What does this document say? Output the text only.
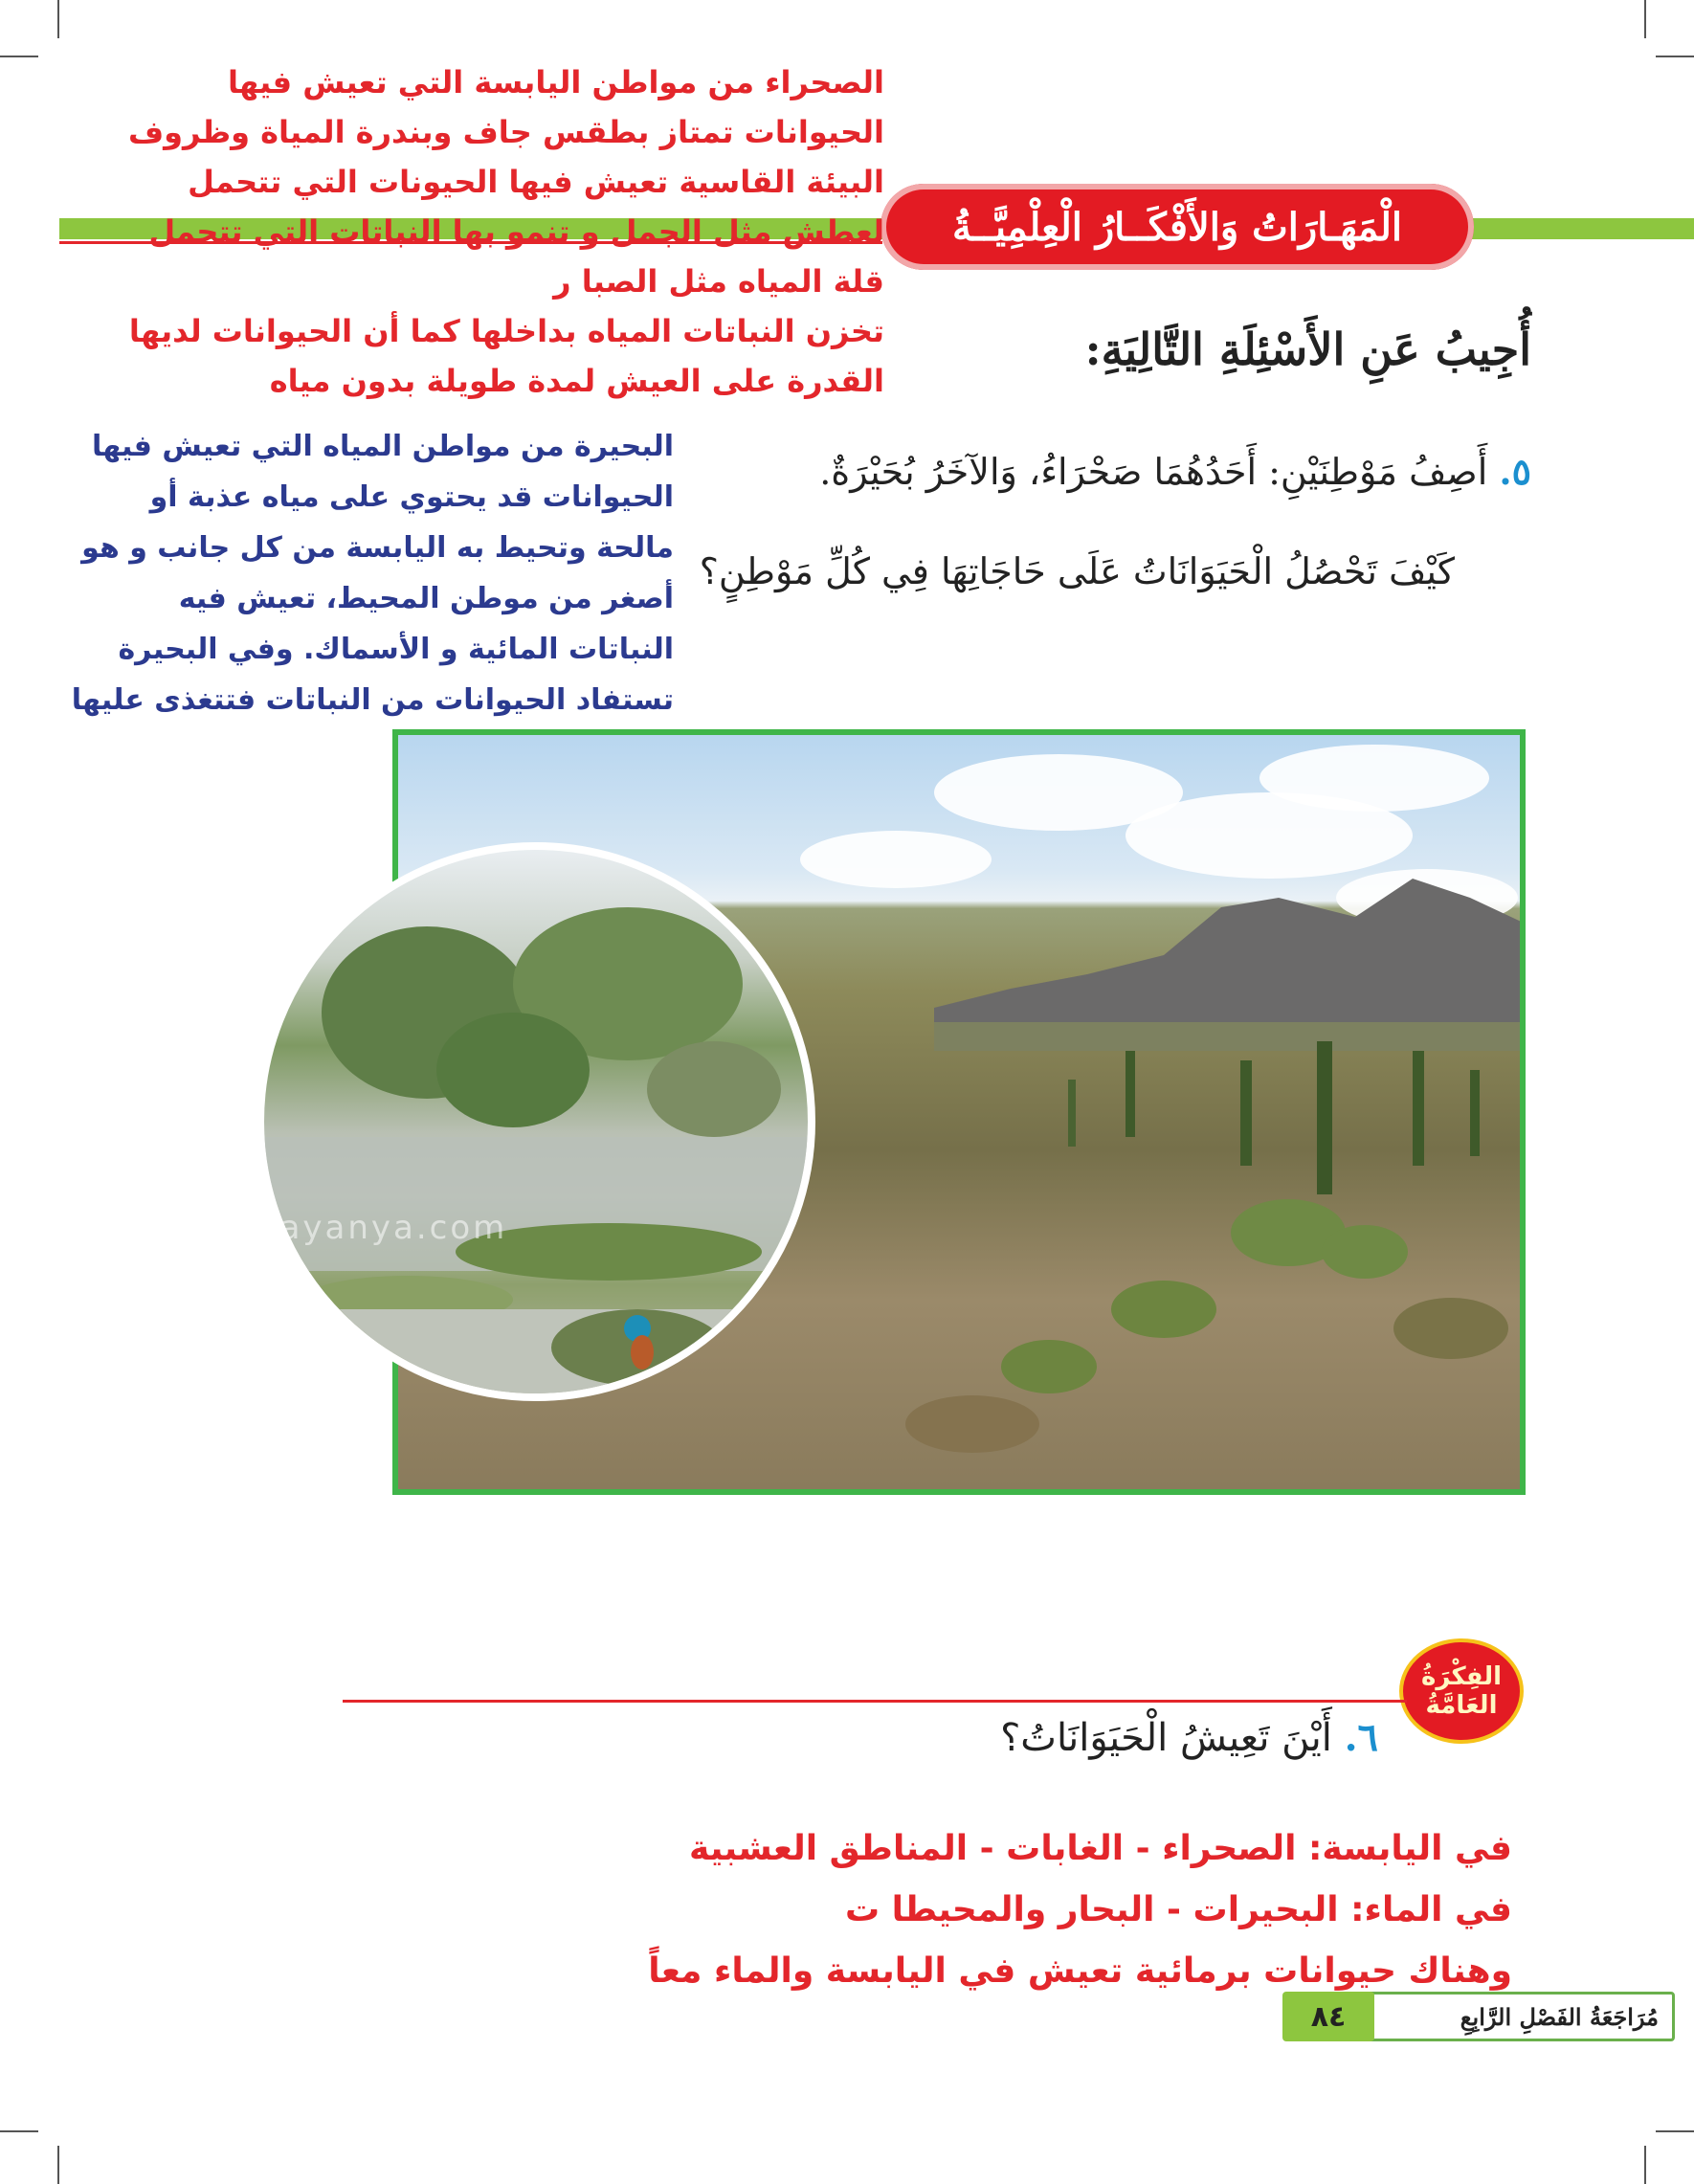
الْمَهَـارَاتُ وَالأَفْكَــارُ الْعِلْمِيَّــةُ
الصحراء من مواطن اليابسة التي تعيش فيها
الحيوانات تمتاز بطقس جاف وبندرة المياة وظروف
البيئة القاسية تعيش فيها الحيونات التي تتحمل
لعطش مثل الجمل و تنمو بها النباتات التي تتحمل
قلة المياه مثل الصبا ر
تخزن النباتات المياه بداخلها كما أن الحيوانات لديها
القدرة على العيش لمدة طويلة بدون مياه
أُجِيبُ عَنِ الأَسْئِلَةِ التَّالِيَةِ:
٥. أَصِفُ مَوْطِنَيْنِ: أَحَدُهُمَا صَحْرَاءُ، وَالآخَرُ بُحَيْرَةٌ.
كَيْفَ تَحْصُلُ الْحَيَوَانَاتُ عَلَى حَاجَاتِهَا فِي كُلِّ مَوْطِنٍ؟
البحيرة من مواطن المياه التي تعيش فيها
الحيوانات قد يحتوي على مياه عذبة أو
مالحة وتحيط به اليابسة من كل جانب و هو
أصغر من موطن المحيط، تعيش فيه
النباتات المائية و الأسماك. وفي البحيرة
تستفاد الحيوانات من النباتات فتتغذى عليها
bayanya.com
الفِكْرَةُ
العَامَّةُ
٦. أَيْنَ تَعِيشُ الْحَيَوَانَاتُ؟
في اليابسة: الصحراء - الغابات - المناطق العشبية
في الماء: البحيرات - البحار والمحيطا ت
وهناك حيوانات برمائية تعيش في اليابسة والماء معاً
مُرَاجَعَةُ الفَصْلِ الرَّابِعِ
٨٤
